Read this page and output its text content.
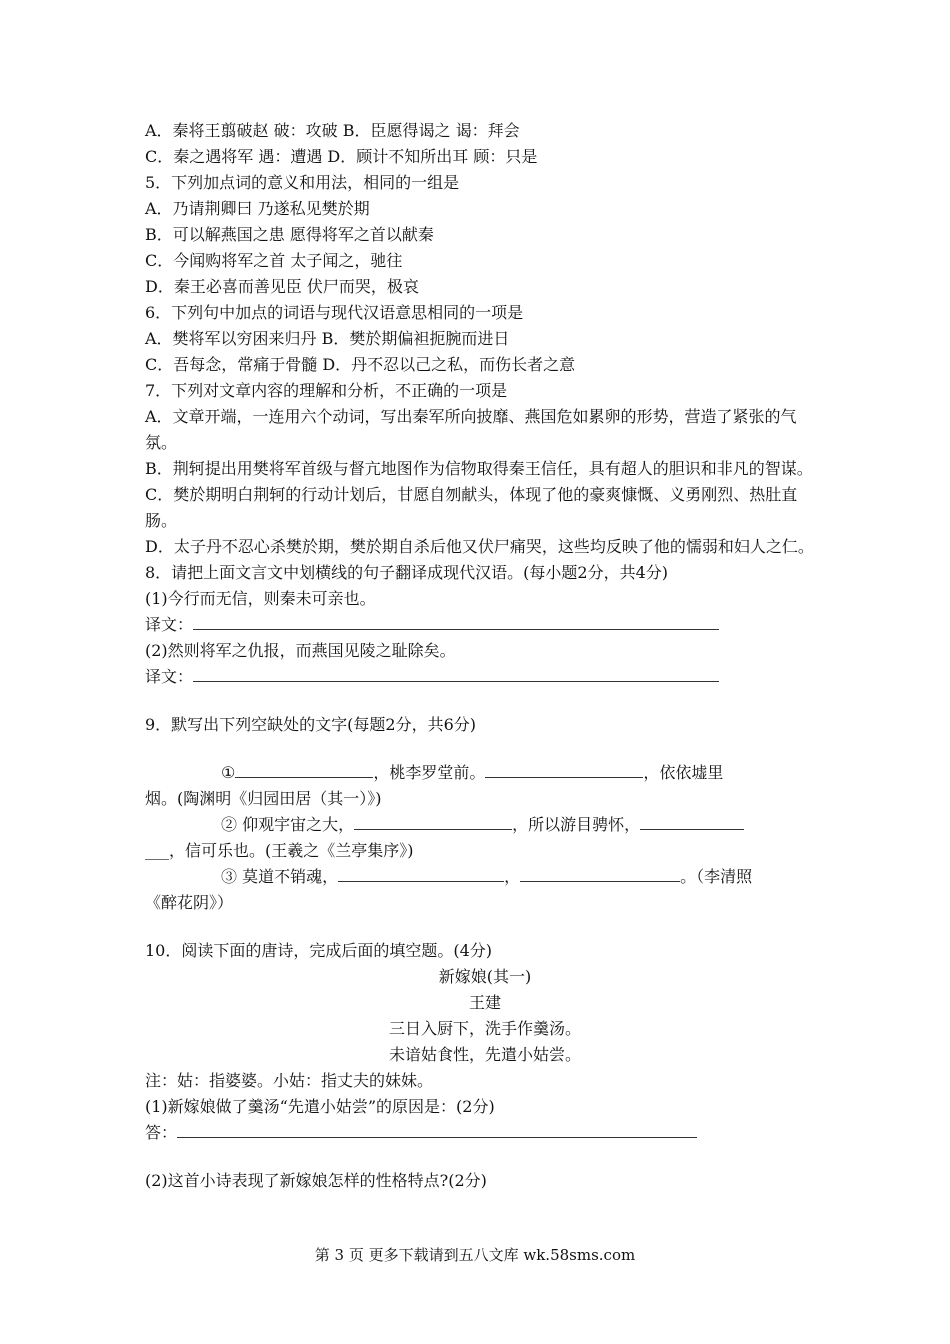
A．秦将王翦破赵 破：攻破 B．臣愿得谒之 谒：拜会
C．秦之遇将军 遇：遭遇 D．顾计不知所出耳 顾：只是
5．下列加点词的意义和用法，相同的一组是
A．乃请荆卿曰 乃遂私见樊於期
B．可以解燕国之患 愿得将军之首以献秦
C．今闻购将军之首 太子闻之，驰往
D．秦王必喜而善见臣 伏尸而哭，极哀
6．下列句中加点的词语与现代汉语意思相同的一项是
A．樊将军以穷困来归丹 B．樊於期偏袒扼腕而进日
C．吾每念，常痛于骨髓 D．丹不忍以己之私，而伤长者之意
7．下列对文章内容的理解和分析，不正确的一项是
A．文章开端，一连用六个动词，写出秦军所向披靡、燕国危如累卵的形势，营造了紧张的气氛。
B．荆轲提出用樊将军首级与督亢地图作为信物取得秦王信任，具有超人的胆识和非凡的智谋。
C．樊於期明白荆轲的行动计划后，甘愿自刎献头，体现了他的豪爽慷慨、义勇刚烈、热肚直肠。
D．太子丹不忍心杀樊於期，樊於期自杀后他又伏尸痛哭，这些均反映了他的懦弱和妇人之仁。
8．请把上面文言文中划横线的句子翻译成现代汉语。(每小题2分，共4分)
(1)今行而无信，则秦未可亲也。
译文：
(2)然则将军之仇报，而燕国见陵之耻除矣。
译文：
9．默写出下列空缺处的文字(每题2分，共6分)
①	，桃李罗堂前。	，依依墟里
烟。(陶渊明《归园田居（其一）》)
② 仰观宇宙之大，	，所以游目骋怀，
___，信可乐也。(王羲之《兰亭集序》)
③ 莫道不销魂，	，	。（李清照
《醉花阴》）
10．阅读下面的唐诗，完成后面的填空题。(4分)
新嫁娘(其一)
王建
三日入厨下，洗手作羹汤。
未谙姑食性，先遣小姑尝。
注：姑：指婆婆。小姑：指丈夫的妹妹。
(1)新嫁娘做了羹汤“先遣小姑尝”的原因是：(2分)
答：
(2)这首小诗表现了新嫁娘怎样的性格特点?(2分)
第 3 页 更多下载请到五八文库 wk.58sms.com
